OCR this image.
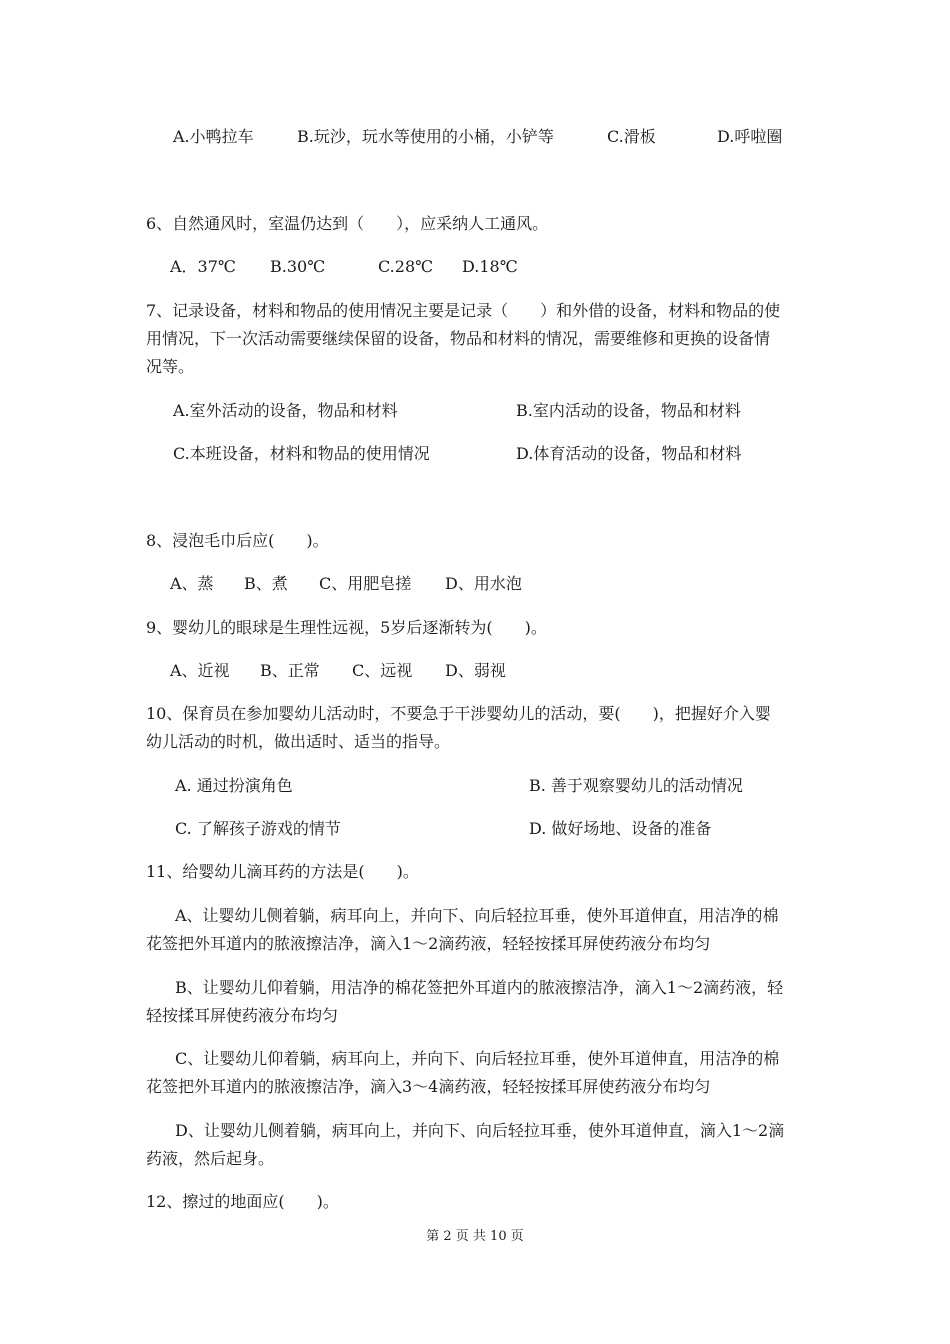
A.小鸭拉车	B.玩沙，玩水等使用的小桶，小铲等	C.滑板	D.呼啦圈
6、自然通风时，室温仍达到（　　），应采纳人工通风。
A．37℃ B.30℃	C.28℃ D.18℃
7、记录设备，材料和物品的使用情况主要是记录（　　）和外借的设备，材料和物品的使
用情况，下一次活动需要继续保留的设备，物品和材料的情况，需要维修和更换的设备情
况等。
A.室外活动的设备，物品和材料	B.室内活动的设备，物品和材料
C.本班设备，材料和物品的使用情况	D.体育活动的设备，物品和材料
8、浸泡毛巾后应(　　)。
A、蒸 B、煮 C、用肥皂搓 D、用水泡
9、婴幼儿的眼球是生理性远视，5岁后逐渐转为(　　)。
A、近视 B、正常 C、远视 D、弱视
10、保育员在参加婴幼儿活动时，不要急于干涉婴幼儿的活动，要(　　)，把握好介入婴
幼儿活动的时机，做出适时、适当的指导。
A. 通过扮演角色	B. 善于观察婴幼儿的活动情况
C. 了解孩子游戏的情节	D. 做好场地、设备的准备
11、给婴幼儿滴耳药的方法是(　　)。
A、让婴幼儿侧着躺，病耳向上，并向下、向后轻拉耳垂，使外耳道伸直，用洁净的棉
花签把外耳道内的脓液擦洁净，滴入1～2滴药液，轻轻按揉耳屏使药液分布均匀
B、让婴幼儿仰着躺，用洁净的棉花签把外耳道内的脓液擦洁净，滴入1～2滴药液，轻
轻按揉耳屏使药液分布均匀
C、让婴幼儿仰着躺，病耳向上，并向下、向后轻拉耳垂，使外耳道伸直，用洁净的棉
花签把外耳道内的脓液擦洁净，滴入3～4滴药液，轻轻按揉耳屏使药液分布均匀
D、让婴幼儿侧着躺，病耳向上，并向下、向后轻拉耳垂，使外耳道伸直，滴入1～2滴
药液，然后起身。
12、擦过的地面应(　　)。
第 2 页 共 10 页
